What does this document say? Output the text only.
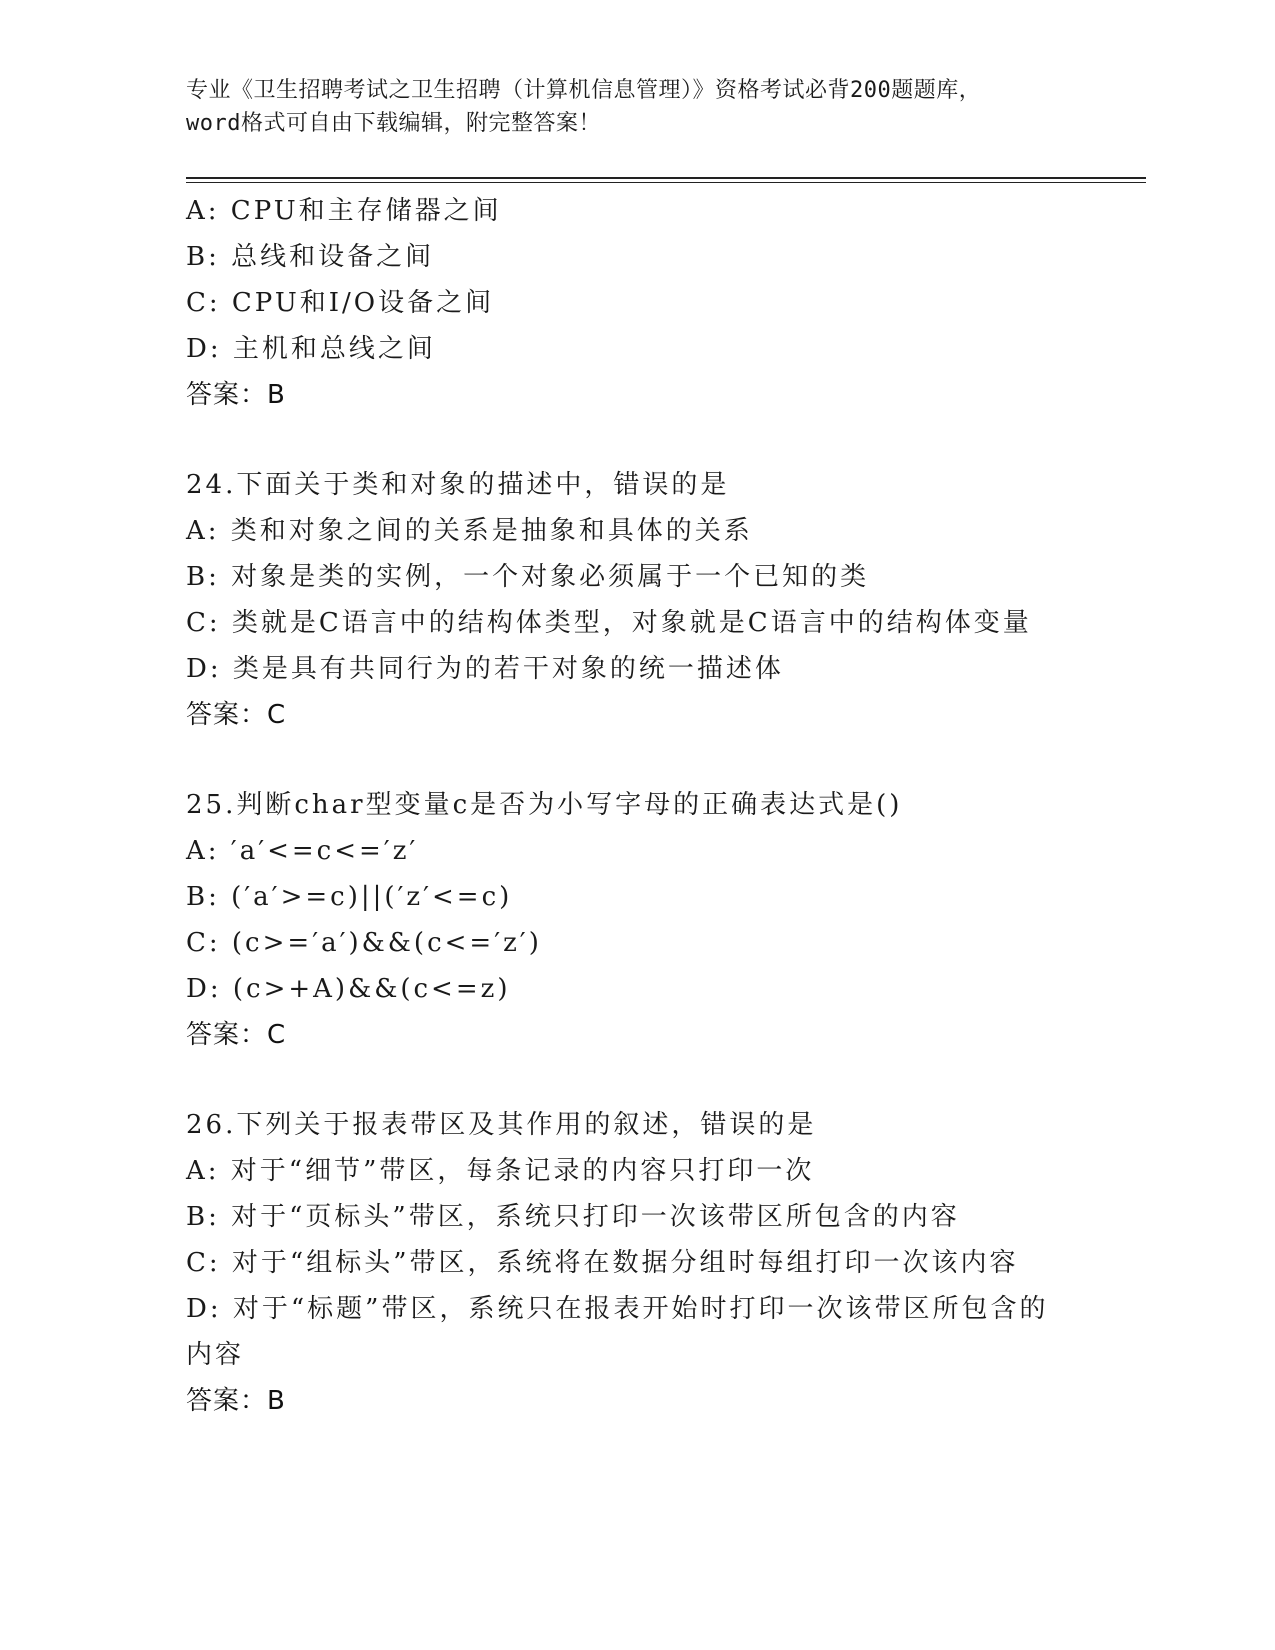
专业《卫生招聘考试之卫生招聘（计算机信息管理）》资格考试必背200题题库，
word格式可自由下载编辑，附完整答案！
A: CPU和主存储器之间
B: 总线和设备之间
C: CPU和I/O设备之间
D: 主机和总线之间
答案：B
24.下面关于类和对象的描述中，错误的是
A: 类和对象之间的关系是抽象和具体的关系
B: 对象是类的实例，一个对象必须属于一个已知的类
C: 类就是C语言中的结构体类型，对象就是C语言中的结构体变量
D: 类是具有共同行为的若干对象的统一描述体
答案：C
25.判断char型变量c是否为小写字母的正确表达式是()
A: ′a′<=c<=′z′
B: (′a′>=c)||(′z′<=c)
C: (c>=′a′)&&(c<=′z′)
D: (c>+A)&&(c<=z)
答案：C
26.下列关于报表带区及其作用的叙述，错误的是
A: 对于“细节”带区，每条记录的内容只打印一次
B: 对于“页标头”带区，系统只打印一次该带区所包含的内容
C: 对于“组标头”带区，系统将在数据分组时每组打印一次该内容
D: 对于“标题”带区，系统只在报表开始时打印一次该带区所包含的内容
答案：B
